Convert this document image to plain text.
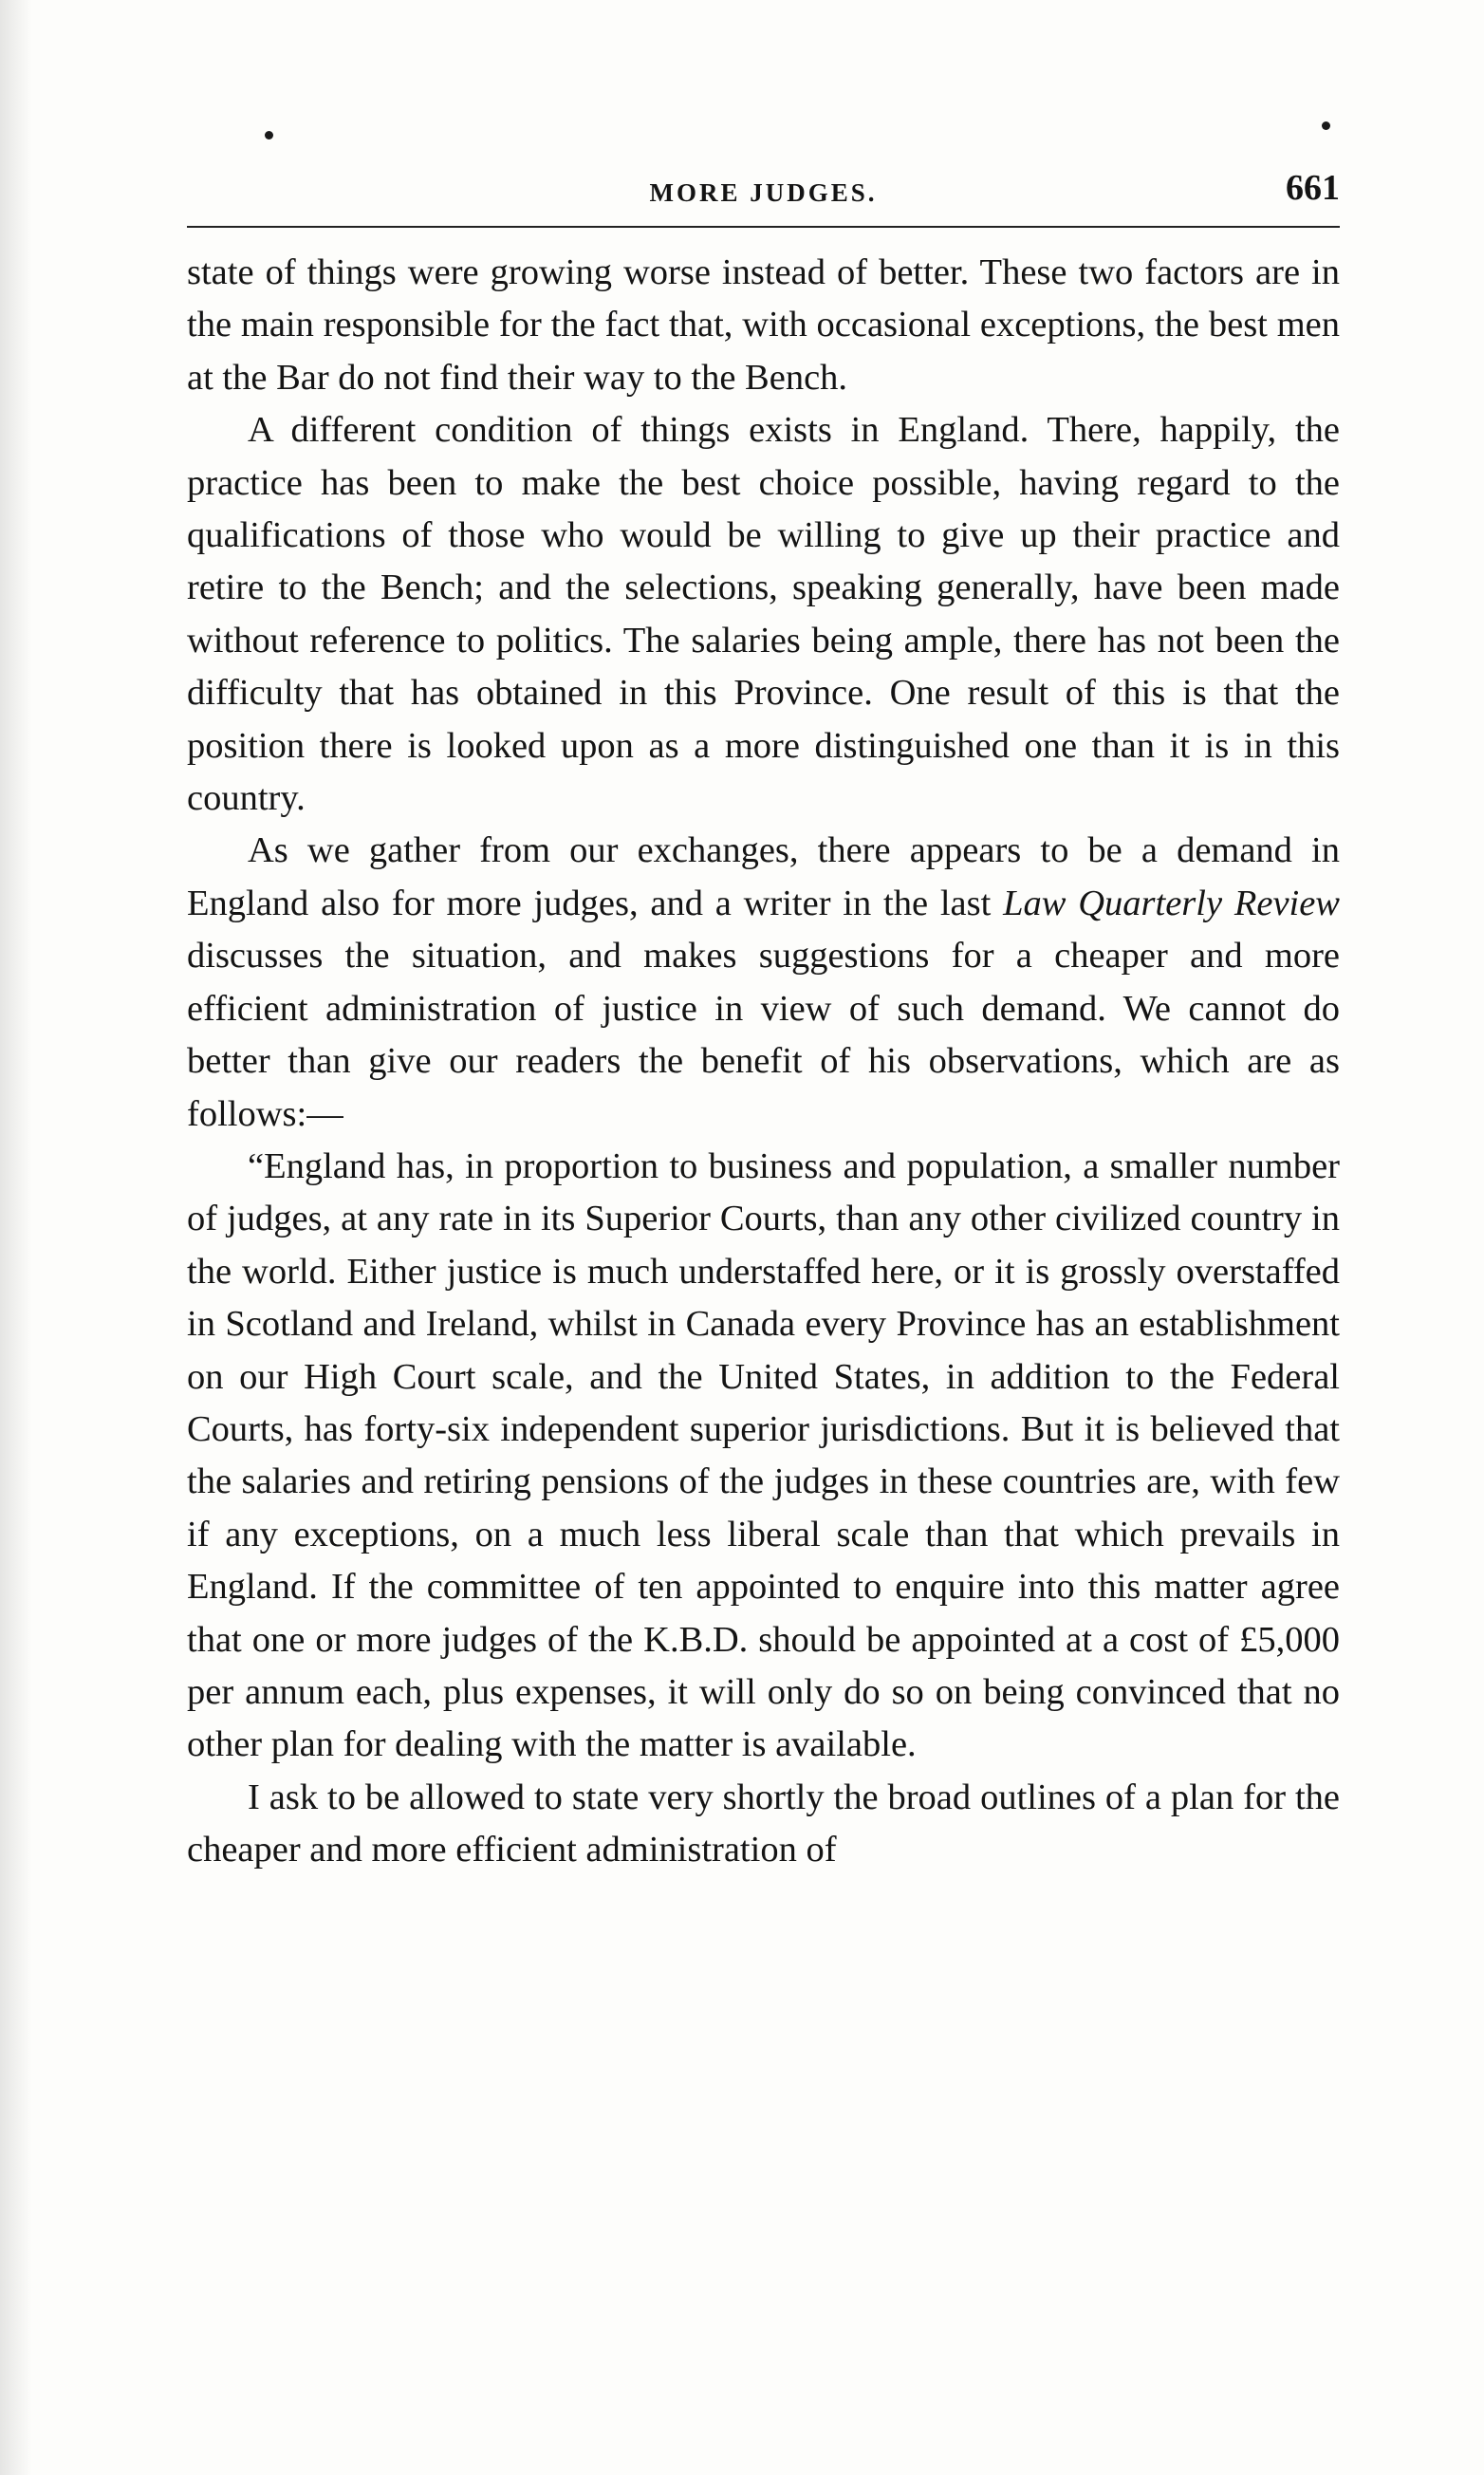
MORE JUDGES.	661

state of things were growing worse instead of better. These two factors are in the main responsible for the fact that, with occasional exceptions, the best men at the Bar do not find their way to the Bench.

A different condition of things exists in England. There, happily, the practice has been to make the best choice possible, having regard to the qualifications of those who would be willing to give up their practice and retire to the Bench; and the selections, speaking generally, have been made without reference to politics. The salaries being ample, there has not been the difficulty that has obtained in this Province. One result of this is that the position there is looked upon as a more distinguished one than it is in this country.

As we gather from our exchanges, there appears to be a demand in England also for more judges, and a writer in the last Law Quarterly Review discusses the situation, and makes suggestions for a cheaper and more efficient administration of justice in view of such demand. We cannot do better than give our readers the benefit of his observations, which are as follows:—

“England has, in proportion to business and population, a smaller number of judges, at any rate in its Superior Courts, than any other civilized country in the world. Either justice is much understaffed here, or it is grossly overstaffed in Scotland and Ireland, whilst in Canada every Province has an establishment on our High Court scale, and the United States, in addition to the Federal Courts, has forty-six independent superior jurisdictions. But it is believed that the salaries and retiring pensions of the judges in these countries are, with few if any exceptions, on a much less liberal scale than that which prevails in England. If the committee of ten appointed to enquire into this matter agree that one or more judges of the K.B.D. should be appointed at a cost of £5,000 per annum each, plus expenses, it will only do so on being convinced that no other plan for dealing with the matter is available.

I ask to be allowed to state very shortly the broad outlines of a plan for the cheaper and more efficient administration of
